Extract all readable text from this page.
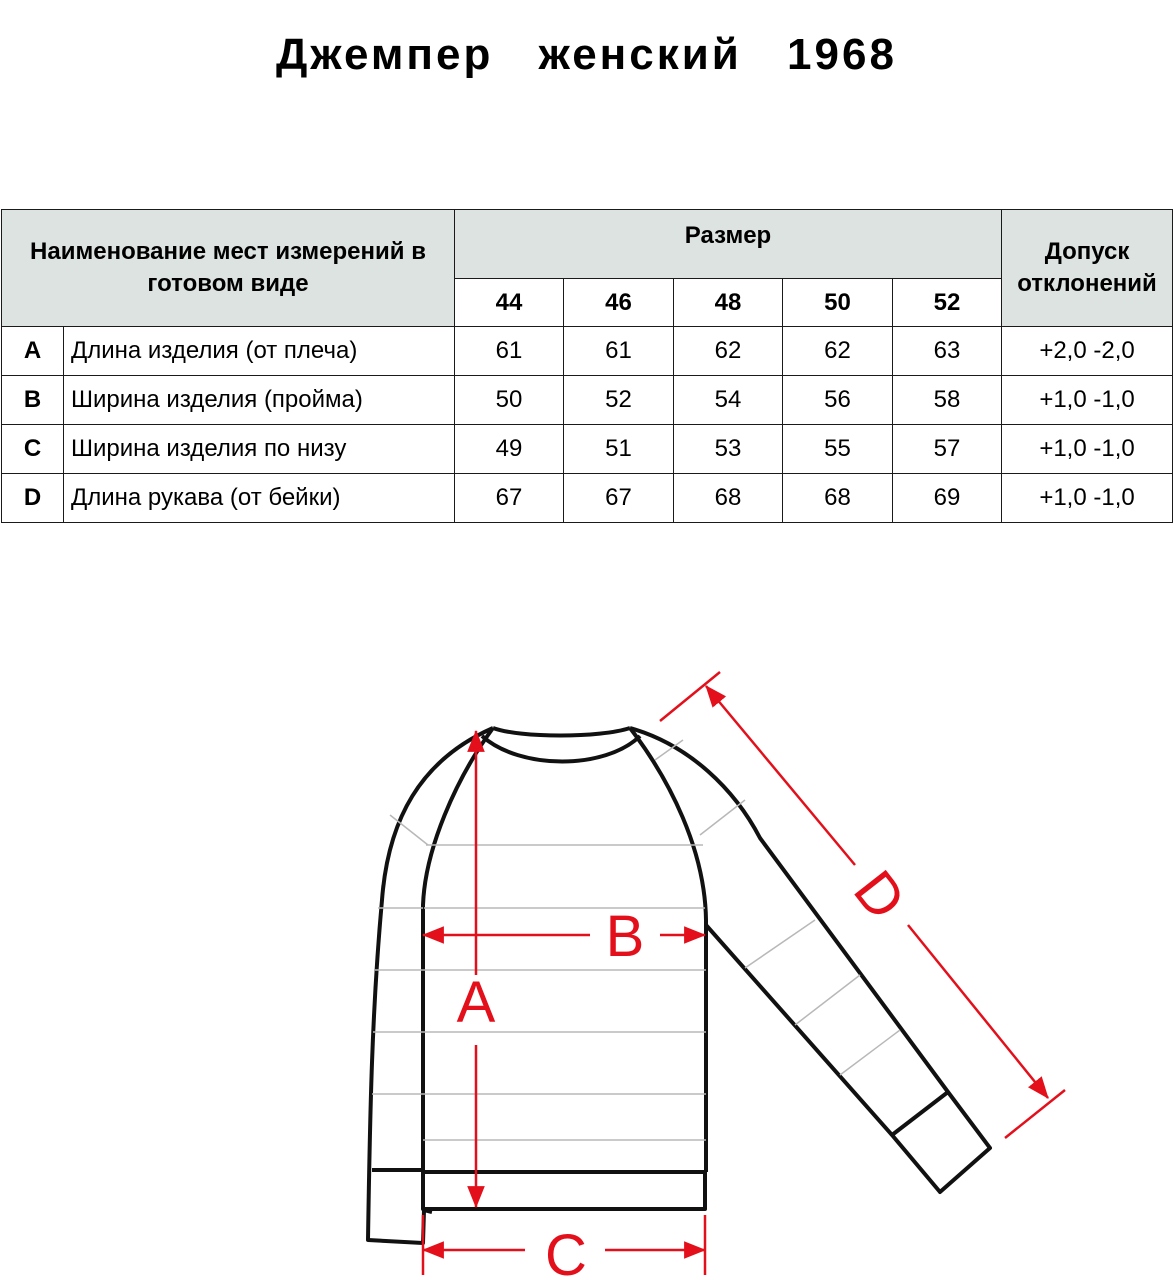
Джемпер женский 1968
Наименование мест измерений в готовом виде		Размер					Допуск отклонений
		44	46	48	50	52	
A	Длина изделия (от плеча)	61	61	62	62	63	+2,0 -2,0
B	Ширина изделия (пройма)	50	52	54	56	58	+1,0 -1,0
C	Ширина изделия по низу	49	51	53	55	57	+1,0 -1,0
D	Длина рукава (от бейки)	67	67	68	68	69	+1,0 -1,0
A
B
C
D
